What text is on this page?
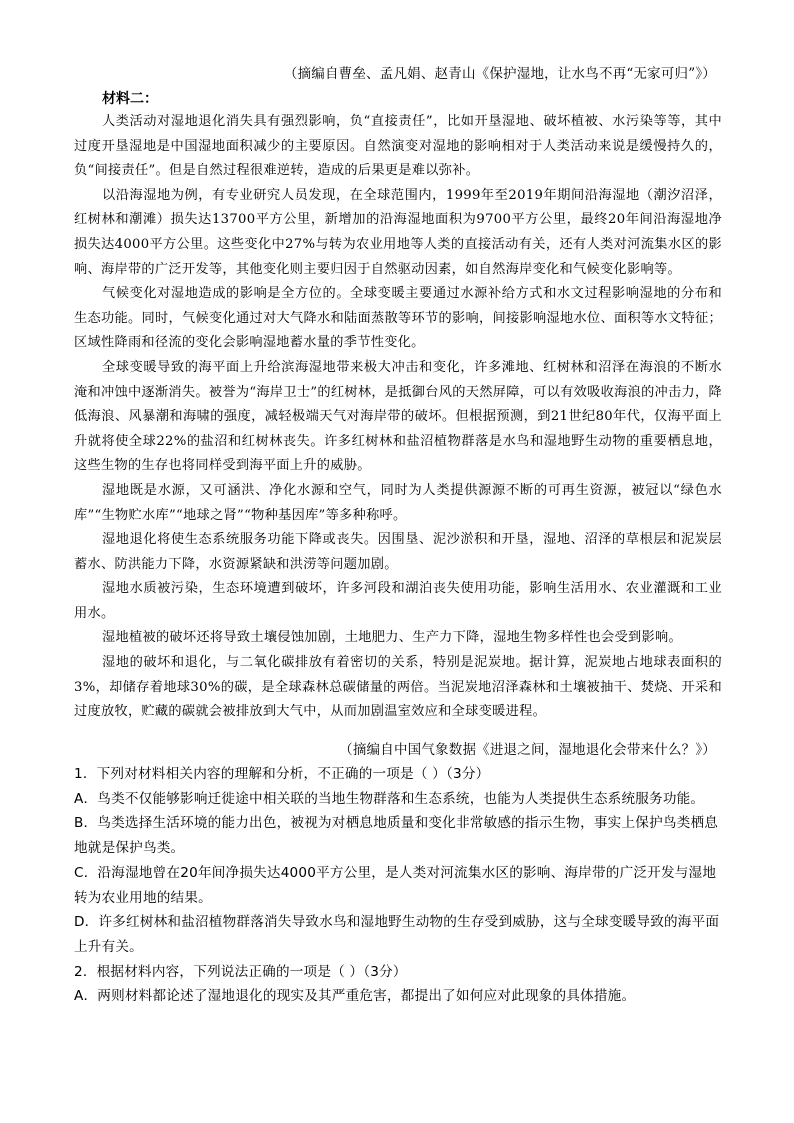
（摘编自曹垒、孟凡娟、赵青山《保护湿地，让水鸟不再“无家可归”》）
材料二：

人类活动对湿地退化消失具有强烈影响，负“直接责任”，比如开垦湿地、破坏植被、水污染等等，其中过度开垦湿地是中国湿地面积减少的主要原因。自然演变对湿地的影响相对于人类活动来说是缓慢持久的，负“间接责任”。但是自然过程很难逆转，造成的后果更是难以弥补。

以沿海湿地为例，有专业研究人员发现，在全球范围内，1999年至2019年期间沿海湿地（潮汐沼泽，红树林和潮滩）损失达13700平方公里，新增加的沿海湿地面积为9700平方公里，最终20年间沿海湿地净损失达4000平方公里。这些变化中27%与转为农业用地等人类的直接活动有关，还有人类对河流集水区的影响、海岸带的广泛开发等，其他变化则主要归因于自然驱动因素，如自然海岸变化和气候变化影响等。

气候变化对湿地造成的影响是全方位的。全球变暖主要通过水源补给方式和水文过程影响湿地的分布和生态功能。同时，气候变化通过对大气降水和陆面蒸散等环节的影响，间接影响湿地水位、面积等水文特征；区域性降雨和径流的变化会影响湿地蓄水量的季节性变化。

全球变暖导致的海平面上升给滨海湿地带来极大冲击和变化，许多滩地、红树林和沼泽在海浪的不断水淹和冲蚀中逐渐消失。被誉为“海岸卫士”的红树林，是抵御台风的天然屏障，可以有效吸收海浪的冲击力，降低海浪、风暴潮和海啸的强度，减轻极端天气对海岸带的破坏。但根据预测，到21世纪80年代，仅海平面上升就将使全球22%的盐沼和红树林丧失。许多红树林和盐沼植物群落是水鸟和湿地野生动物的重要栖息地，这些生物的生存也将同样受到海平面上升的威胁。

湿地既是水源，又可涵洪、净化水源和空气，同时为人类提供源源不断的可再生资源，被冠以“绿色水库”“生物贮水库”“地球之肾”“物种基因库”等多种称呼。

湿地退化将使生态系统服务功能下降或丧失。因围垦、泥沙淤积和开垦，湿地、沼泽的草根层和泥炭层蓄水、防洪能力下降，水资源紧缺和洪涝等问题加剧。

湿地水质被污染，生态环境遭到破坏，许多河段和湖泊丧失使用功能，影响生活用水、农业灌溉和工业用水。

湿地植被的破坏还将导致土壤侵蚀加剧，土地肥力、生产力下降，湿地生物多样性也会受到影响。

湿地的破坏和退化，与二氧化碳排放有着密切的关系，特别是泥炭地。据计算，泥炭地占地球表面积的3%，却储存着地球30%的碳，是全球森林总碳储量的两倍。当泥炭地沼泽森林和土壤被抽干、焚烧、开采和过度放牧，贮藏的碳就会被排放到大气中，从而加剧温室效应和全球变暖进程。

（摘编自中国气象数据《进退之间，湿地退化会带来什么？》）

1．下列对材料相关内容的理解和分析，不正确的一项是（ ）（3分）

A．鸟类不仅能够影响迁徙途中相关联的当地生物群落和生态系统，也能为人类提供生态系统服务功能。

B．鸟类选择生活环境的能力出色，被视为对栖息地质量和变化非常敏感的指示生物，事实上保护鸟类栖息地就是保护鸟类。

C．沿海湿地曾在20年间净损失达4000平方公里，是人类对河流集水区的影响、海岸带的广泛开发与湿地转为农业用地的结果。

D．许多红树林和盐沼植物群落消失导致水鸟和湿地野生动物的生存受到威胁，这与全球变暖导致的海平面上升有关。

2．根据材料内容，下列说法正确的一项是（ ）（3分）

A．两则材料都论述了湿地退化的现实及其严重危害，都提出了如何应对此现象的具体措施。
